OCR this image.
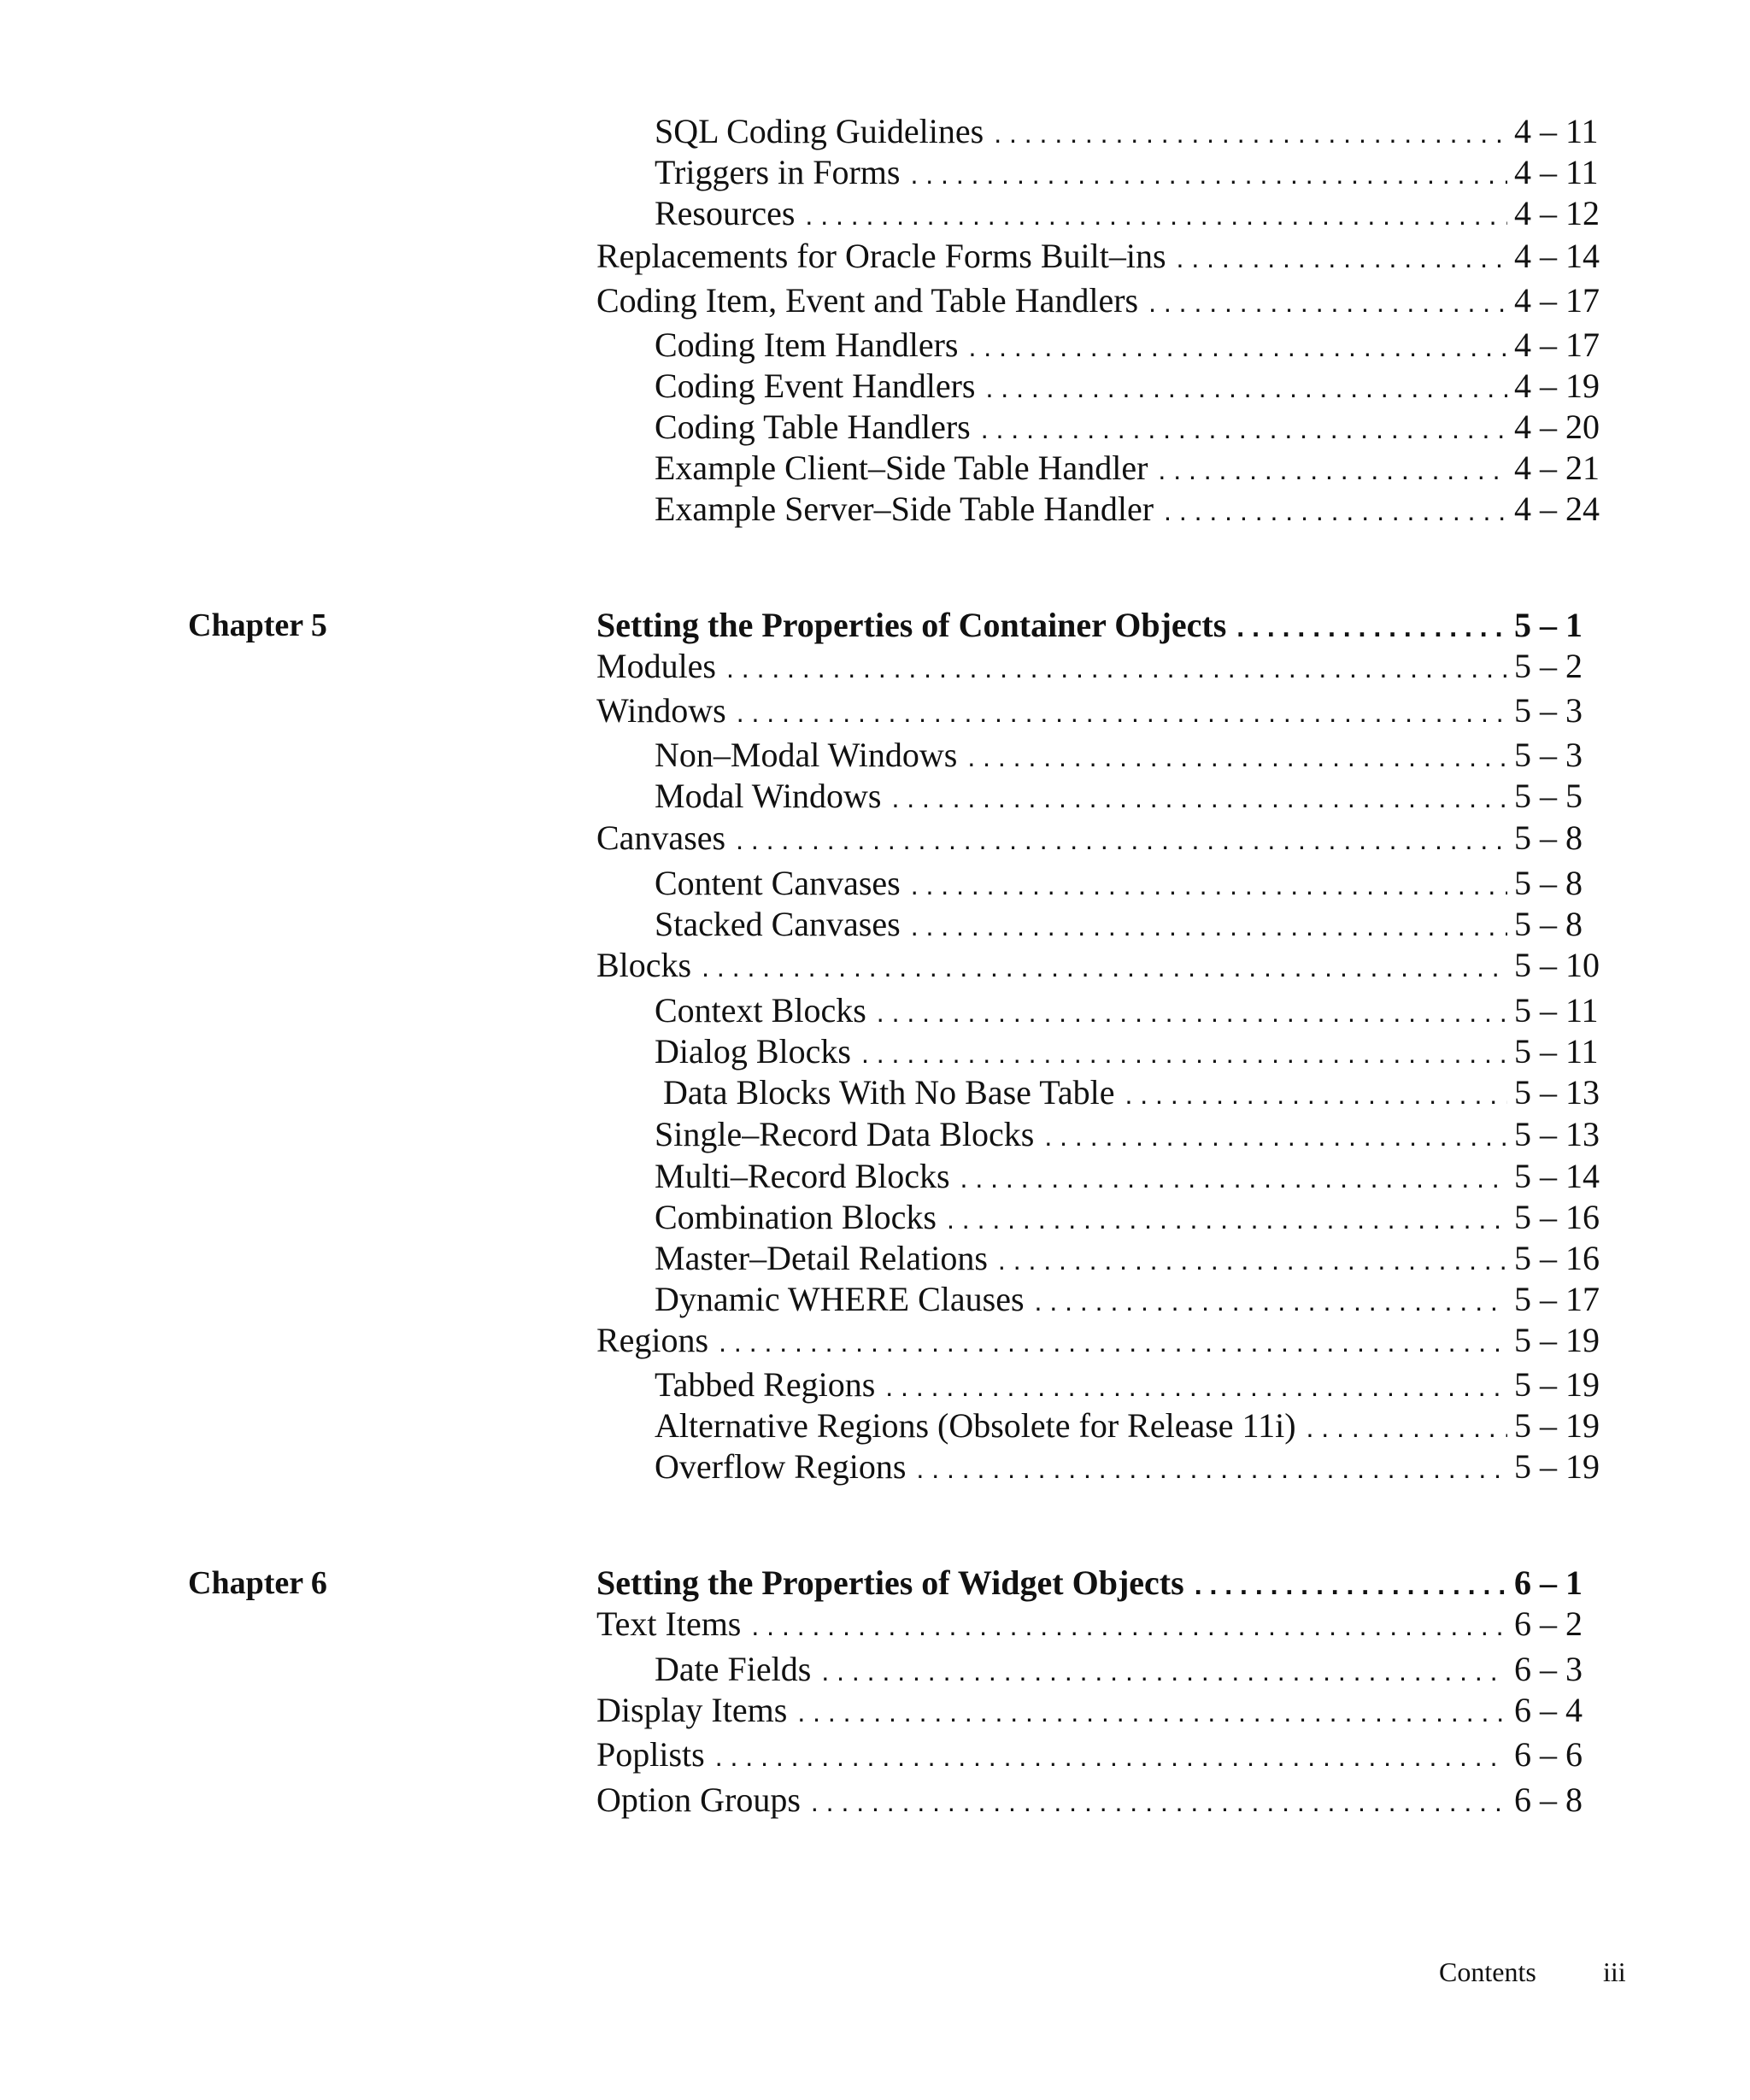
SQL Coding Guidelines . . .	4 – 11
Triggers in Forms . . .	4 – 11
Resources . . .	4 – 12
Replacements for Oracle Forms Built–ins . . .	4 – 14
Coding Item, Event and Table Handlers . . .	4 – 17
Coding Item Handlers . . .	4 – 17
Coding Event Handlers . . .	4 – 19
Coding Table Handlers . . .	4 – 20
Example Client–Side Table Handler . . .	4 – 21
Example Server–Side Table Handler . . .	4 – 24
Chapter 5	Setting the Properties of Container Objects . . .	5 – 1
Modules . . .	5 – 2
Windows . . .	5 – 3
Non–Modal Windows . . .	5 – 3
Modal Windows . . .	5 – 5
Canvases . . .	5 – 8
Content Canvases . . .	5 – 8
Stacked Canvases . . .	5 – 8
Blocks . . .	5 – 10
Context Blocks . . .	5 – 11
Dialog Blocks . . .	5 – 11
Data Blocks With No Base Table . . .	5 – 13
Single–Record Data Blocks . . .	5 – 13
Multi–Record Blocks . . .	5 – 14
Combination Blocks . . .	5 – 16
Master–Detail Relations . . .	5 – 16
Dynamic WHERE Clauses . . .	5 – 17
Regions . . .	5 – 19
Tabbed Regions . . .	5 – 19
Alternative Regions (Obsolete for Release 11i) . . .	5 – 19
Overflow Regions . . .	5 – 19
Chapter 6	Setting the Properties of Widget Objects . . .	6 – 1
Text Items . . .	6 – 2
Date Fields . . .	6 – 3
Display Items . . .	6 – 4
Poplists . . .	6 – 6
Option Groups . . .	6 – 8
Contents iii
